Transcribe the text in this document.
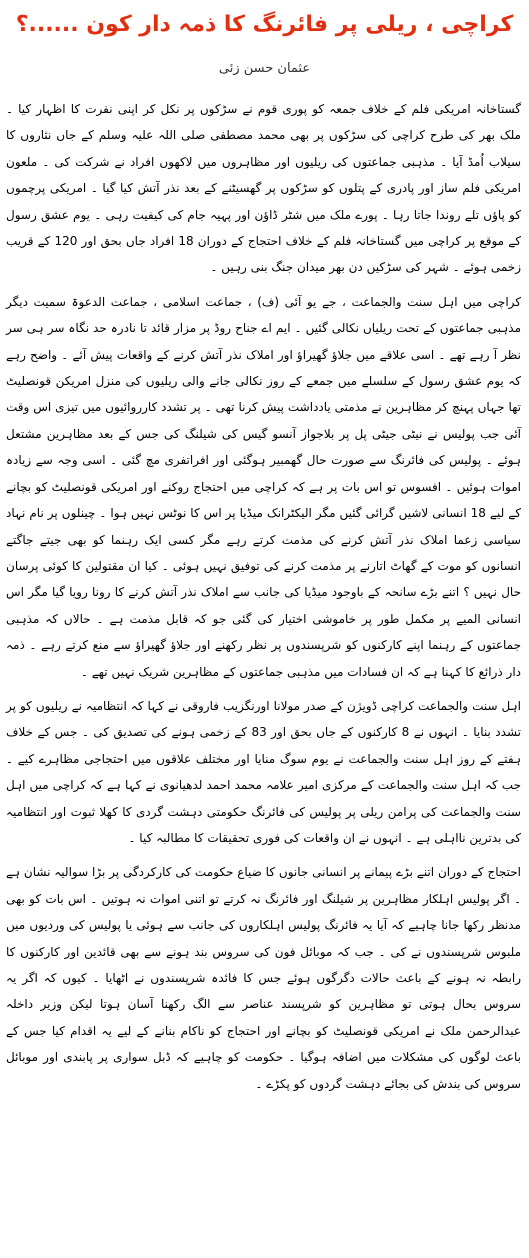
کراچی ، ریلی پر فائرنگ کا ذمہ دار کون ......؟
عثمان حسن زئی

گستاخانہ امریکی فلم کے خلاف جمعہ کو پوری قوم نے سڑکوں پر نکل کر اپنی نفرت کا اظہار کیا ۔ ملک بھر کی طرح کراچی کی سڑکوں پر بھی محمد مصطفی صلی اللہ علیہ وسلم کے جاں نثاروں کا سیلاب اُمڈ آیا ۔ مذہبی جماعتوں کی ریلیوں اور مظاہروں میں لاکھوں افراد نے شرکت کی ۔ ملعون امریکی فلم ساز اور پادری کے پتلوں کو سڑکوں پر گھسیٹنے کے بعد نذر آتش کیا گیا ۔ امریکی پرچموں کو پاؤں تلے روندا جاتا رہا ۔ پورے ملک میں شٹر ڈاؤن اور پہیہ جام کی کیفیت رہی ۔ یوم عشق رسول کے موقع پر کراچی میں گستاخانہ فلم کے خلاف احتجاج کے دوران 18 افراد جاں بحق اور 120 کے قریب زخمی ہوئے ۔ شہر کی سڑکیں دن بھر میدان جنگ بنی رہیں ۔

کراچی میں اہل سنت والجماعت ، جے یو آئی (ف) ، جماعت اسلامی ، جماعت الدعوۃ سمیت دیگر مذہبی جماعتوں کے تحت ریلیاں نکالی گئیں ۔ ایم اے جناح روڈ پر مزار قائد تا نادرہ حد نگاہ سر ہی سر نظر آ رہے تھے ۔ اسی علاقے میں جلاؤ گھیراؤ اور املاک نذر آتش کرنے کے واقعات پیش آئے ۔ واضح رہے کہ یوم عشق رسول کے سلسلے میں جمعے کے روز نکالی جانے والی ریلیوں کی منزل امریکن قونصلیٹ تھا جہاں پہنچ کر مظاہرین نے مذمتی یادداشت پیش کرنا تھی ۔ پر تشدد کارروائیوں میں تیزی اس وقت آئی جب پولیس نے نیٹی جیٹی پل پر بلاجواز آنسو گیس کی شیلنگ کی جس کے بعد مظاہرین مشتعل ہوئے ۔ پولیس کی فائرنگ سے صورت حال گھمبیر ہوگئی اور افراتفری مچ گئی ۔ اسی وجہ سے زیادہ اموات ہوئیں ۔ افسوس تو اس بات پر ہے کہ کراچی میں احتجاج روکنے اور امریکی قونصلیٹ کو بچانے کے لیے 18 انسانی لاشیں گرائی گئیں مگر الیکٹرانک میڈیا پر اس کا نوٹس نہیں ہوا ۔ چینلوں پر نام نہاد سیاسی زعما املاک نذر آتش کرنے کی مذمت کرتے رہے مگر کسی ایک رہنما کو بھی جیتے جاگتے انسانوں کو موت کے گھاٹ اتارنے پر مذمت کرنے کی توفیق نہیں ہوئی ۔ کیا ان مقتولین کا کوئی پرسان حال نہیں ؟ اتنے بڑے سانحہ کے باوجود میڈیا کی جانب سے املاک نذر آتش کرنے کا رونا رویا گیا مگر اس انسانی المیے پر مکمل طور پر خاموشی اختیار کی گئی جو کہ قابل مذمت ہے ۔ حالاں کہ مذہبی جماعتوں کے رہنما اپنے کارکنوں کو شرپسندوں پر نظر رکھنے اور جلاؤ گھیراؤ سے منع کرتے رہے ۔ ذمہ دار ذرائع کا کہنا ہے کہ ان فسادات میں مذہبی جماعتوں کے مظاہرین شریک نہیں تھے ۔

اہل سنت والجماعت کراچی ڈویژن کے صدر مولانا اورنگزیب فاروقی نے کہا کہ انتظامیہ نے ریلیوں کو پر تشدد بنایا ۔ انہوں نے 8 کارکنوں کے جاں بحق اور 83 کے زخمی ہونے کی تصدیق کی ۔ جس کے خلاف ہفتے کے روز اہل سنت والجماعت نے یوم سوگ منایا اور مختلف علاقوں میں احتجاجی مظاہرے کیے ۔ جب کہ اہل سنت والجماعت کے مرکزی امیر علامہ محمد احمد لدھیانوی نے کہا ہے کہ کراچی میں اہل سنت والجماعت کی پرامن ریلی پر پولیس کی فائرنگ حکومتی دہشت گردی کا کھلا ثبوت اور انتظامیہ کی بدترین نااہلی ہے ۔ انہوں نے ان واقعات کی فوری تحقیقات کا مطالبہ کیا ۔

احتجاج کے دوران اتنے بڑے پیمانے پر انسانی جانوں کا ضیاع حکومت کی کارکردگی پر بڑا سوالیہ نشان ہے ۔ اگر پولیس اہلکار مظاہرین پر شیلنگ اور فائرنگ نہ کرتے تو اتنی اموات نہ ہوتیں ۔ اس بات کو بھی مدنظر رکھا جانا چاہیے کہ آیا یہ فائرنگ پولیس اہلکاروں کی جانب سے ہوئی یا پولیس کی وردیوں میں ملبوس شرپسندوں نے کی ۔ جب کہ موبائل فون کی سروس بند ہونے سے بھی قائدین اور کارکنوں کا رابطہ نہ ہونے کے باعث حالات دگرگوں ہوئے جس کا فائدہ شرپسندوں نے اٹھایا ۔ کیوں کہ اگر یہ سروس بحال ہوتی تو مظاہرین کو شرپسند عناصر سے الگ رکھنا آسان ہوتا لیکن وزیر داخلہ عبدالرحمن ملک نے امریکی قونصلیٹ کو بچانے اور احتجاج کو ناکام بنانے کے لیے یہ اقدام کیا جس کے باعث لوگوں کی مشکلات میں اضافہ ہوگیا ۔ حکومت کو چاہیے کہ ڈبل سواری پر پابندی اور موبائل سروس کی بندش کی بجائے دہشت گردوں کو پکڑے ۔
